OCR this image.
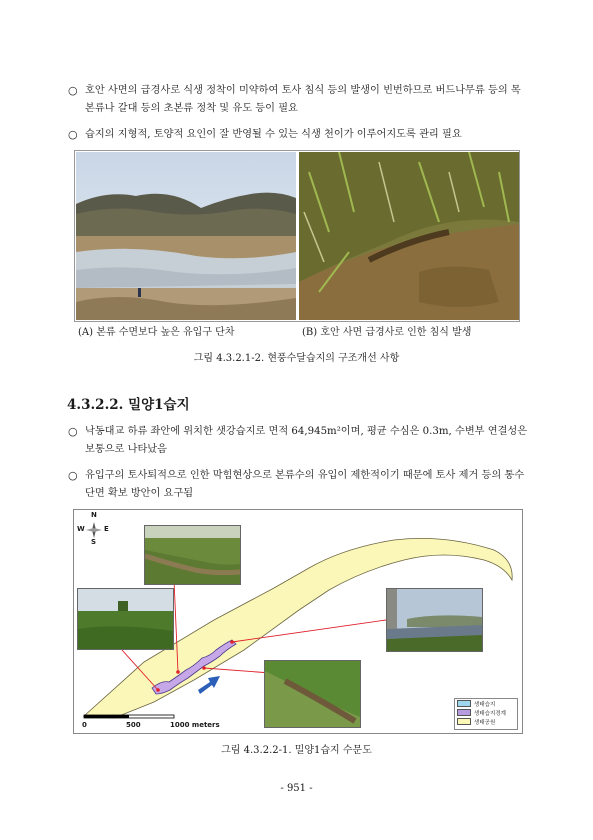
○ 호안 사면의 급경사로 식생 정착이 미약하여 토사 침식 등의 발생이 빈번하므로 버드나무류 등의 목본류나 갈대 등의 초본류 정착 및 유도 등이 필요
○ 습지의 지형적, 토양적 요인이 잘 반영될 수 있는 식생 천이가 이루어지도록 관리 필요
(A) 본류 수면보다 높은 유입구 단차	(B) 호안 사면 급경사로 인한 침식 발생
그림 4.3.2.1-2. 현풍수달습지의 구조개선 사항
4.3.2.2. 밀양1습지
○ 낙동대교 하류 좌안에 위치한 샛강습지로 면적 64,945m²이며, 평균 수심은 0.3m, 수변부 연결성은 보통으로 나타났음
○ 유입구의 토사퇴적으로 인한 막힘현상으로 본류수의 유입이 제한적이기 때문에 토사 제거 등의 통수단면 확보 방안이 요구됨
N
S
W	E
0	500	1000 meters
생태습지
생태습지경계
생태공원
그림 4.3.2.2-1. 밀양1습지 수문도
- 951 -
